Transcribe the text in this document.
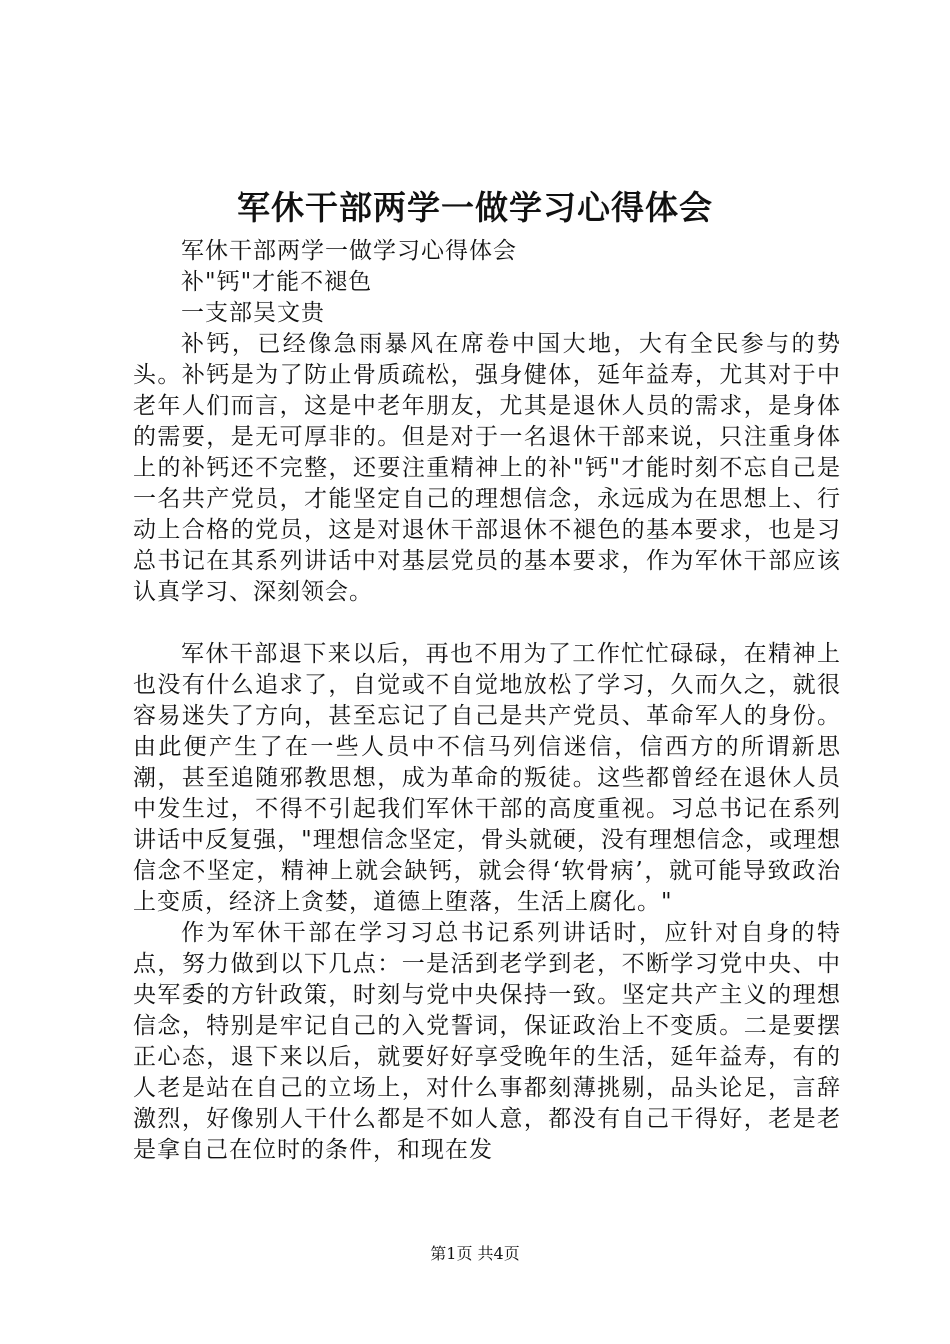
军休干部两学一做学习心得体会

军休干部两学一做学习心得体会

补"钙"才能不褪色

一支部吴文贵

补钙，已经像急雨暴风在席卷中国大地，大有全民参与的势头。补钙是为了防止骨质疏松，强身健体，延年益寿，尤其对于中老年人们而言，这是中老年朋友，尤其是退休人员的需求，是身体的需要，是无可厚非的。但是对于一名退休干部来说，只注重身体上的补钙还不完整，还要注重精神上的补"钙"才能时刻不忘自己是一名共产党员，才能坚定自己的理想信念，永远成为在思想上、行动上合格的党员，这是对退休干部退休不褪色的基本要求，也是习总书记在其系列讲话中对基层党员的基本要求，作为军休干部应该认真学习、深刻领会。

军休干部退下来以后，再也不用为了工作忙忙碌碌，在精神上也没有什么追求了，自觉或不自觉地放松了学习，久而久之，就很容易迷失了方向，甚至忘记了自己是共产党员、革命军人的身份。由此便产生了在一些人员中不信马列信迷信，信西方的所谓新思潮，甚至追随邪教思想，成为革命的叛徒。这些都曾经在退休人员中发生过，不得不引起我们军休干部的高度重视。习总书记在系列讲话中反复强，"理想信念坚定，骨头就硬，没有理想信念，或理想信念不坚定，精神上就会缺钙，就会得‘软骨病’，就可能导致政治上变质，经济上贪婪，道德上堕落，生活上腐化。"

作为军休干部在学习习总书记系列讲话时，应针对自身的特点，努力做到以下几点：一是活到老学到老，不断学习党中央、中央军委的方针政策，时刻与党中央保持一致。坚定共产主义的理想信念，特别是牢记自己的入党誓词，保证政治上不变质。二是要摆正心态，退下来以后，就要好好享受晚年的生活，延年益寿，有的人老是站在自己的立场上，对什么事都刻薄挑剔，品头论足，言辞激烈，好像别人干什么都是不如人意，都没有自己干得好，老是老是拿自己在位时的条件，和现在发

第1页 共4页
